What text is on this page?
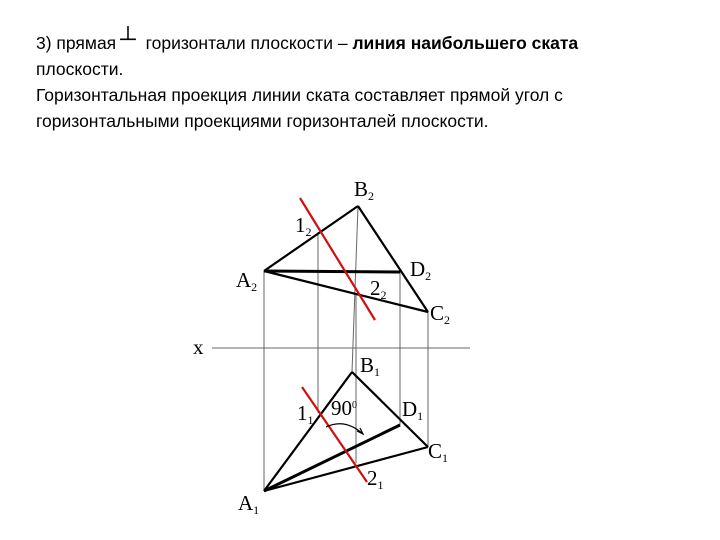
3) прямая ┴ горизонтали плоскости – линия наибольшего ската
плоскости.
Горизонтальная проекция линии ската составляет прямой угол с
горизонтальными проекциями горизонталей плоскости.
x
$90^0$
B2
12
A2
D2
22
C2
B1
11	D1
C1
21
A1
